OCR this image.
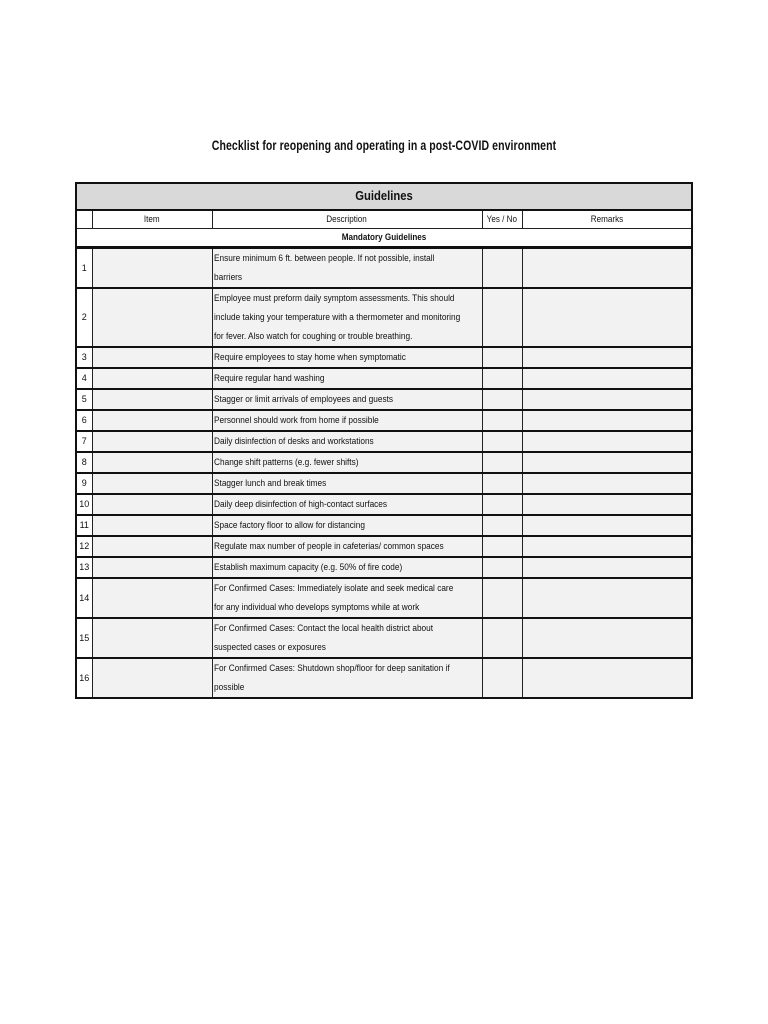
Checklist for reopening and operating in a post-COVID environment
Guidelines				
	Item	Description	Yes / No	Remarks
Mandatory Guidelines				
1		Ensure minimum 6 ft. between people. If not possible, install barriers		

2		Employee must preform daily symptom assessments. This should include taking your temperature with a thermometer and monitoring for fever. Also watch for coughing or trouble breathing.		

3		Require employees to stay home when symptomatic		

4		Require regular hand washing		

5		Stagger or limit arrivals of employees and guests		

6		Personnel should work from home if possible		

7		Daily disinfection of desks and workstations		

8		Change shift patterns (e.g. fewer shifts)		

9		Stagger lunch and break times		

10		Daily deep disinfection of high-contact surfaces		

11		Space factory floor to allow for distancing		

12		Regulate max number of people in cafeterias/ common spaces		

13		Establish maximum capacity (e.g. 50% of fire code)		

14		For Confirmed Cases: Immediately isolate and seek medical care for any individual who develops symptoms while at work		

15		For Confirmed Cases: Contact the local health district about suspected cases or exposures		

16		For Confirmed Cases: Shutdown shop/floor for deep sanitation if possible		
